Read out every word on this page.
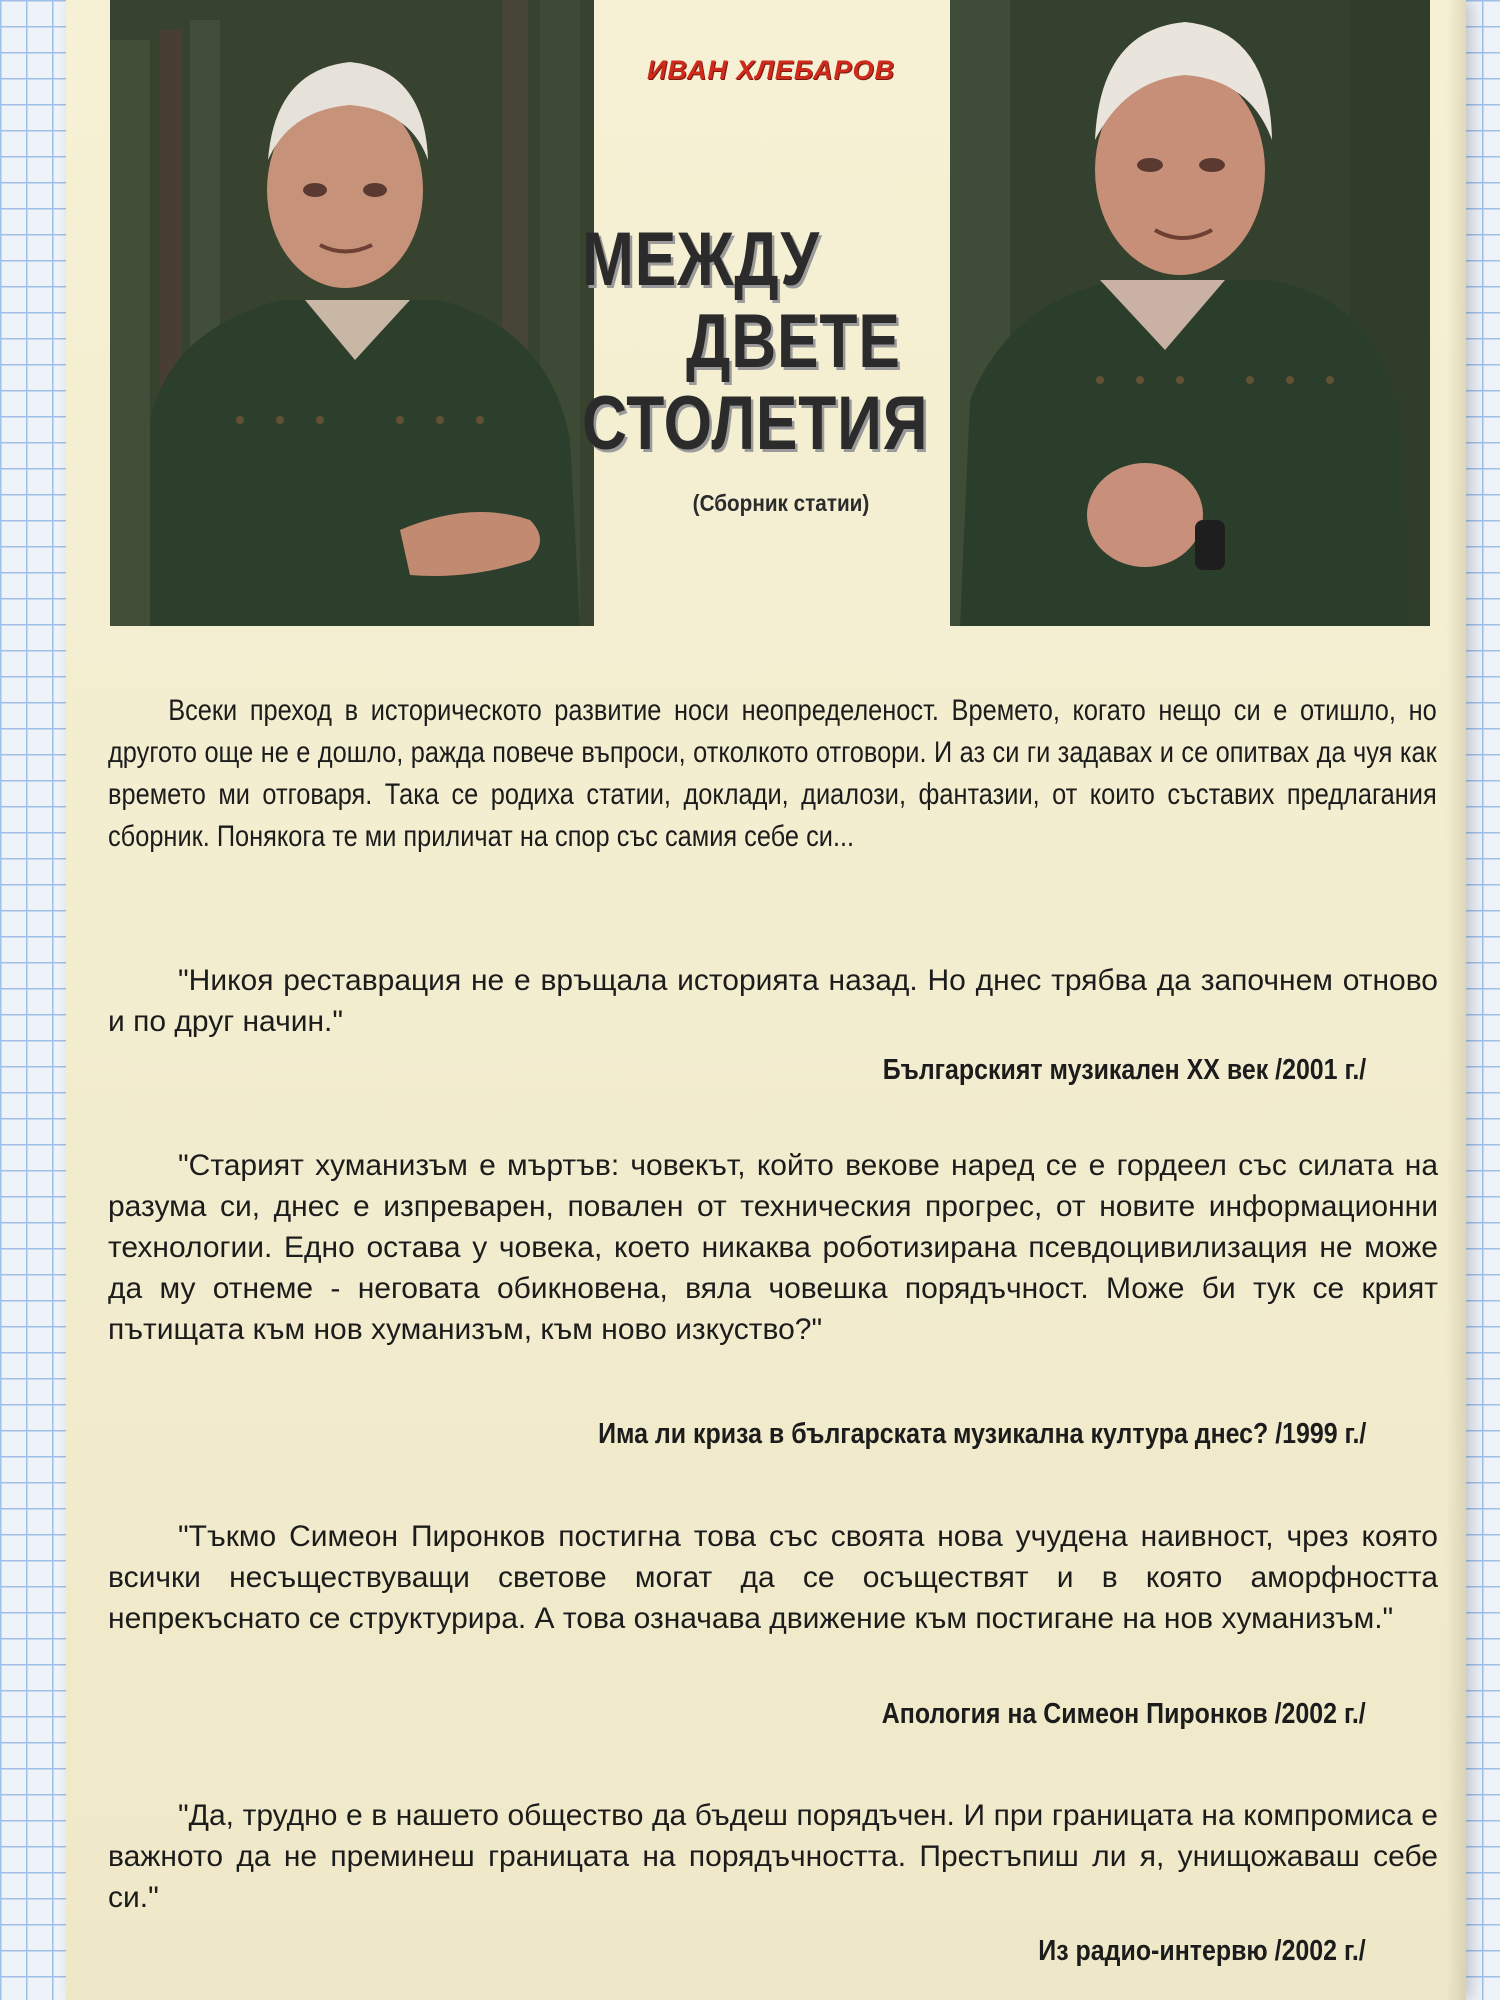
ИВАН ХЛЕБАРОВ
МЕЖДУ
ДВЕТЕ
СТОЛЕТИЯ
(Сборник статии)
Всеки преход в историческото развитие носи неопределеност. Времето, когато нещо си е отишло, но другото още не е дошло, ражда повече въпроси, отколкото отговори. И аз си ги задавах и се опитвах да чуя как времето ми отговаря. Така се родиха статии, доклади, диалози, фантазии, от които съставих предлагания сборник. Понякога те ми приличат на спор със самия себе си...
"Никоя реставрация не е връщала историята назад. Но днес трябва да започнем отново и по друг начин."
Българският музикален XX век /2001 г./
"Старият хуманизъм е мъртъв: човекът, който векове наред се е гордеел със силата на разума си, днес е изпреварен, повален от техническия прогрес, от новите информационни технологии. Едно остава у човека, което никаква роботизирана псевдоцивилизация не може да му отнеме - неговата обикновена, вяла човешка порядъчност. Може би тук се крият пътищата към нов хуманизъм, към ново изкуство?"
Има ли криза в българската музикална култура днес? /1999 г./
"Тъкмо Симеон Пиронков постигна това със своята нова учудена наивност, чрез която всички несъществуващи светове могат да се осъществят и в която аморфността непрекъснато се структурира. А това означава движение към постигане на нов хуманизъм."
Апология на Симеон Пиронков /2002 г./
"Да, трудно е в нашето общество да бъдеш порядъчен. И при границата на компромиса е важното да не преминеш границата на порядъчността. Престъпиш ли я, унищожаваш себе си."
Из радио-интервю /2002 г./
